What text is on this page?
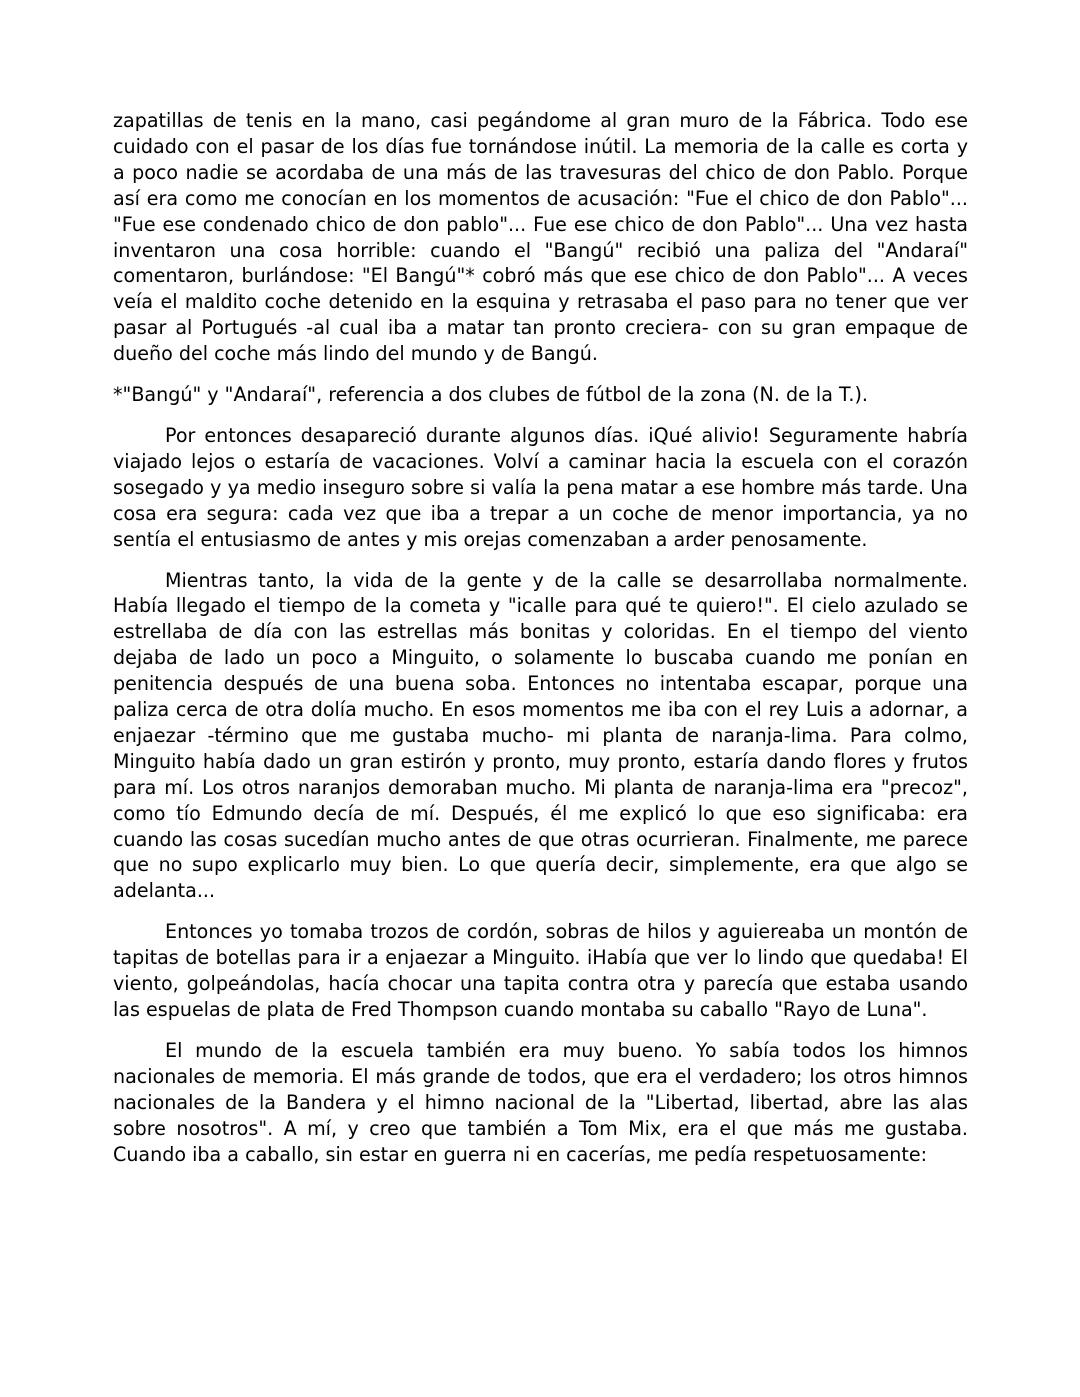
zapatillas de tenis en la mano, casi pegándome al gran muro de la Fábrica. Todo ese cuidado con el pasar de los días fue tornándose inútil. La memoria de la calle es corta y a poco nadie se acordaba de una más de las travesuras del chico de don Pablo. Porque así era como me conocían en los momentos de acusación: "Fue el chico de don Pablo"... "Fue ese condenado chico de don pablo"... Fue ese chico de don Pablo"... Una vez hasta inventaron una cosa horrible: cuando el "Bangú" recibió una paliza del "Andaraí" comentaron, burlándose: "El Bangú"* cobró más que ese chico de don Pablo"... A veces veía el maldito coche detenido en la esquina y retrasaba el paso para no tener que ver pasar al Portugués -al cual iba a matar tan pronto creciera- con su gran empaque de dueño del coche más lindo del mundo y de Bangú.

*"Bangú" y "Andaraí", referencia a dos clubes de fútbol de la zona (N. de la T.).

Por entonces desapareció durante algunos días. iQué alivio! Seguramente habría viajado lejos o estaría de vacaciones. Volví a caminar hacia la escuela con el corazón sosegado y ya medio inseguro sobre si valía la pena matar a ese hombre más tarde. Una cosa era segura: cada vez que iba a trepar a un coche de menor importancia, ya no sentía el entusiasmo de antes y mis orejas comenzaban a arder penosamente.

Mientras tanto, la vida de la gente y de la calle se desarrollaba normalmente. Había llegado el tiempo de la cometa y "icalle para qué te quiero!". El cielo azulado se estrellaba de día con las estrellas más bonitas y coloridas. En el tiempo del viento dejaba de lado un poco a Minguito, o solamente lo buscaba cuando me ponían en penitencia después de una buena soba. Entonces no intentaba escapar, porque una paliza cerca de otra dolía mucho. En esos momentos me iba con el rey Luis a adornar, a enjaezar -término que me gustaba mucho- mi planta de naranja-lima. Para colmo, Minguito había dado un gran estirón y pronto, muy pronto, estaría dando flores y frutos para mí. Los otros naranjos demoraban mucho. Mi planta de naranja-lima era "precoz", como tío Edmundo decía de mí. Después, él me explicó lo que eso significaba: era cuando las cosas sucedían mucho antes de que otras ocurrieran. Finalmente, me parece que no supo explicarlo muy bien. Lo que quería decir, simplemente, era que algo se adelanta...

Entonces yo tomaba trozos de cordón, sobras de hilos y aguiereaba un montón de tapitas de botellas para ir a enjaezar a Minguito. iHabía que ver lo lindo que quedaba! El viento, golpeándolas, hacía chocar una tapita contra otra y parecía que estaba usando las espuelas de plata de Fred Thompson cuando montaba su caballo "Rayo de Luna".

El mundo de la escuela también era muy bueno. Yo sabía todos los himnos nacionales de memoria. El más grande de todos, que era el verdadero; los otros himnos nacionales de la Bandera y el himno nacional de la "Libertad, libertad, abre las alas sobre nosotros". A mí, y creo que también a Tom Mix, era el que más me gustaba. Cuando iba a caballo, sin estar en guerra ni en cacerías, me pedía respetuosamente:
